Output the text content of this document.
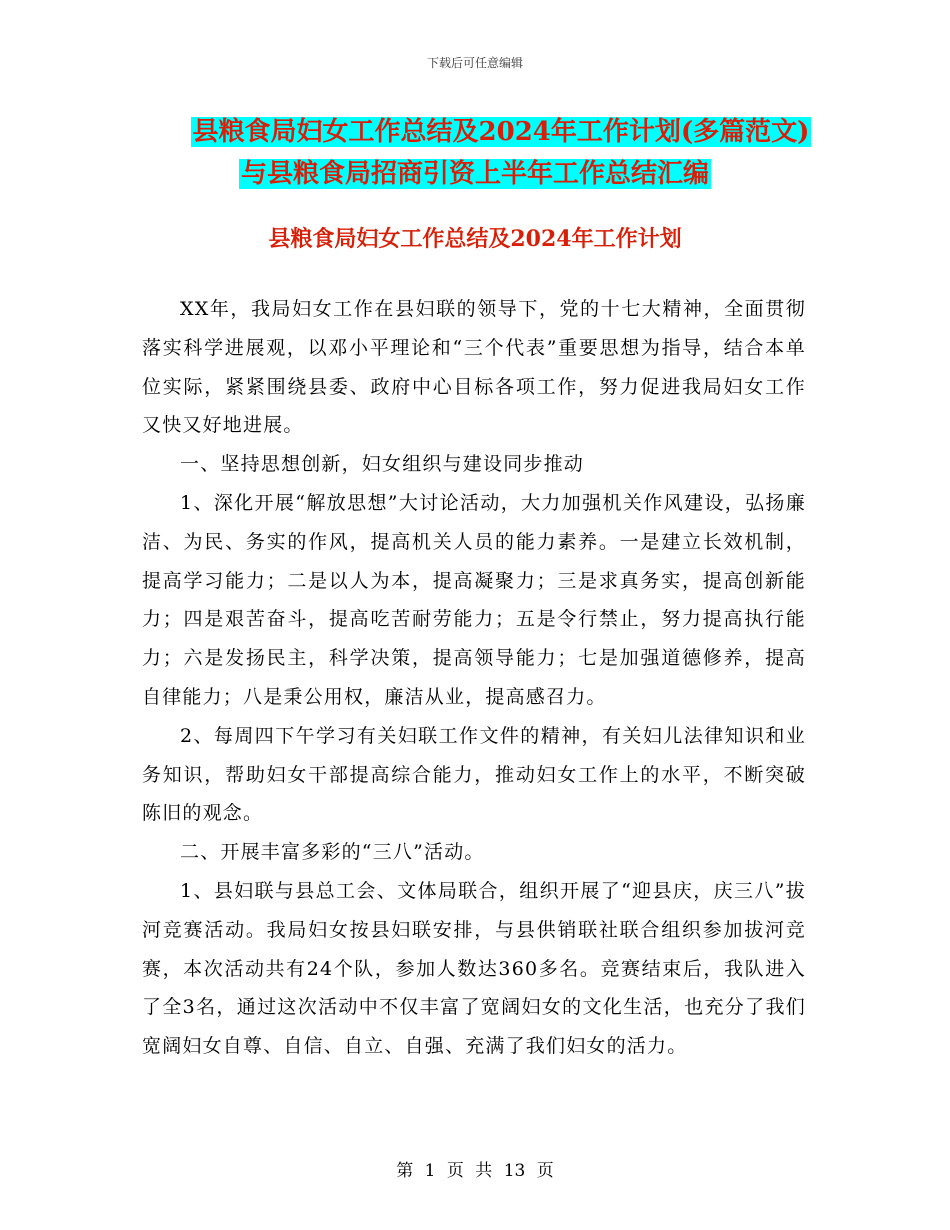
下载后可任意编辑
县粮食局妇女工作总结及2024年工作计划(多篇范文)
与县粮食局招商引资上半年工作总结汇编
县粮食局妇女工作总结及2024年工作计划

XX年，我局妇女工作在县妇联的领导下，党的十七大精神，全面贯彻落实科学进展观，以邓小平理论和“三个代表”重要思想为指导，结合本单位实际，紧紧围绕县委、政府中心目标各项工作，努力促进我局妇女工作又快又好地进展。

一、坚持思想创新，妇女组织与建设同步推动

1、深化开展“解放思想”大讨论活动，大力加强机关作风建设，弘扬廉洁、为民、务实的作风，提高机关人员的能力素养。一是建立长效机制，提高学习能力；二是以人为本，提高凝聚力；三是求真务实，提高创新能力；四是艰苦奋斗，提高吃苦耐劳能力；五是令行禁止，努力提高执行能力；六是发扬民主，科学决策，提高领导能力；七是加强道德修养，提高自律能力；八是秉公用权，廉洁从业，提高感召力。

2、每周四下午学习有关妇联工作文件的精神，有关妇儿法律知识和业务知识，帮助妇女干部提高综合能力，推动妇女工作上的水平，不断突破陈旧的观念。

二、开展丰富多彩的“三八”活动。

1、县妇联与县总工会、文体局联合，组织开展了“迎县庆，庆三八”拔河竞赛活动。我局妇女按县妇联安排，与县供销联社联合组织参加拔河竞赛，本次活动共有24个队，参加人数达360多名。竞赛结束后，我队进入了全3名，通过这次活动中不仅丰富了宽阔妇女的文化生活，也充分了我们宽阔妇女自尊、自信、自立、自强、充满了我们妇女的活力。

第 1 页 共 13 页
